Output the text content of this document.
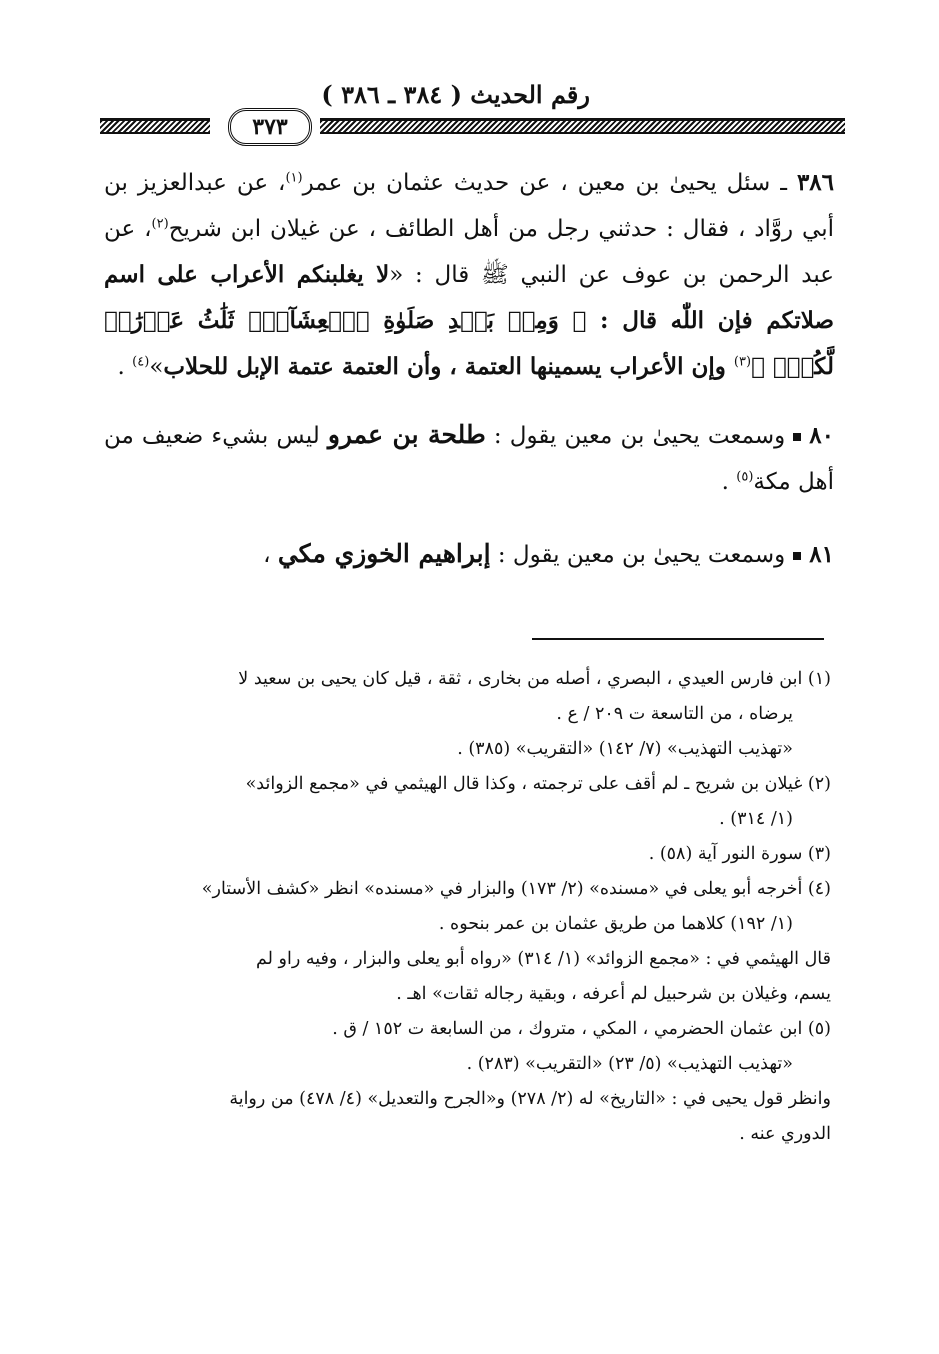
رقم الحديث ( ٣٨٤ ـ ٣٨٦ )
٣٧٣

٣٨٦ ـ سئل يحيىٰ بن معين ، عن حديث عثمان بن عمر$^{(١)}$، عن عبدالعزيز بن أبي روَّاد ، فقال : حدثني رجل من أهل الطائف ، عن غيلان ابن شريح$^{(٢)}$، عن عبد الرحمن بن عوف عن النبي ﷺ قال : «لا يغلبنكم الأعراب على اسم صلاتكم فإن اللّٰه قال : ﴿ وَمِنۢ بَعۡدِ صَلَوٰةِ ٱلۡعِشَآءِۚ ثَلَٰثُ عَوۡرَٰتٖ لَّكُمۡۚ ﴾$^{(٣)}$ وإن الأعراب يسمينها العتمة ، وأن العتمة عتمة الإبل للحلاب»$^{(٤)}$ .

٨٠وسمعت يحيىٰ بن معين يقول : طلحة بن عمرو ليس بشيء ضعيف من أهل مكة$^{(٥)}$ .

٨١وسمعت يحيىٰ بن معين يقول : إبراهيم الخوزي مكي ،

(١) ابن فارس العيدي ، البصري ، أصله من بخارى ، ثقة ، قيل كان يحيى بن سعيد لا

يرضاه ، من التاسعة ت ٢٠٩ / ع .

«تهذيب التهذيب» (٧/ ١٤٢) «التقريب» (٣٨٥) .

(٢) غيلان بن شريح ـ لم أقف على ترجمته ، وكذا قال الهيثمي في «مجمع الزوائد»

(١/ ٣١٤) .

(٣) سورة النور آية (٥٨) .

(٤) أخرجه أبو يعلى في «مسنده» (٢/ ١٧٣) والبزار في «مسنده» انظر «كشف الأستار»

(١/ ١٩٢) كلاهما من طريق عثمان بن عمر بنحوه .

قال الهيثمي في : «مجمع الزوائد» (١/ ٣١٤) «رواه أبو يعلى والبزار ، وفيه راو لم

يسم، وغيلان بن شرحبيل لم أعرفه ، وبقية رجاله ثقات» اهـ .

(٥) ابن عثمان الحضرمي ، المكي ، متروك ، من السابعة ت ١٥٢ / ق .

«تهذيب التهذيب» (٥/ ٢٣) «التقريب» (٢٨٣) .

وانظر قول يحيى في : «التاريخ» له (٢/ ٢٧٨) و«الجرح والتعديل» (٤/ ٤٧٨) من رواية

الدوري عنه .
